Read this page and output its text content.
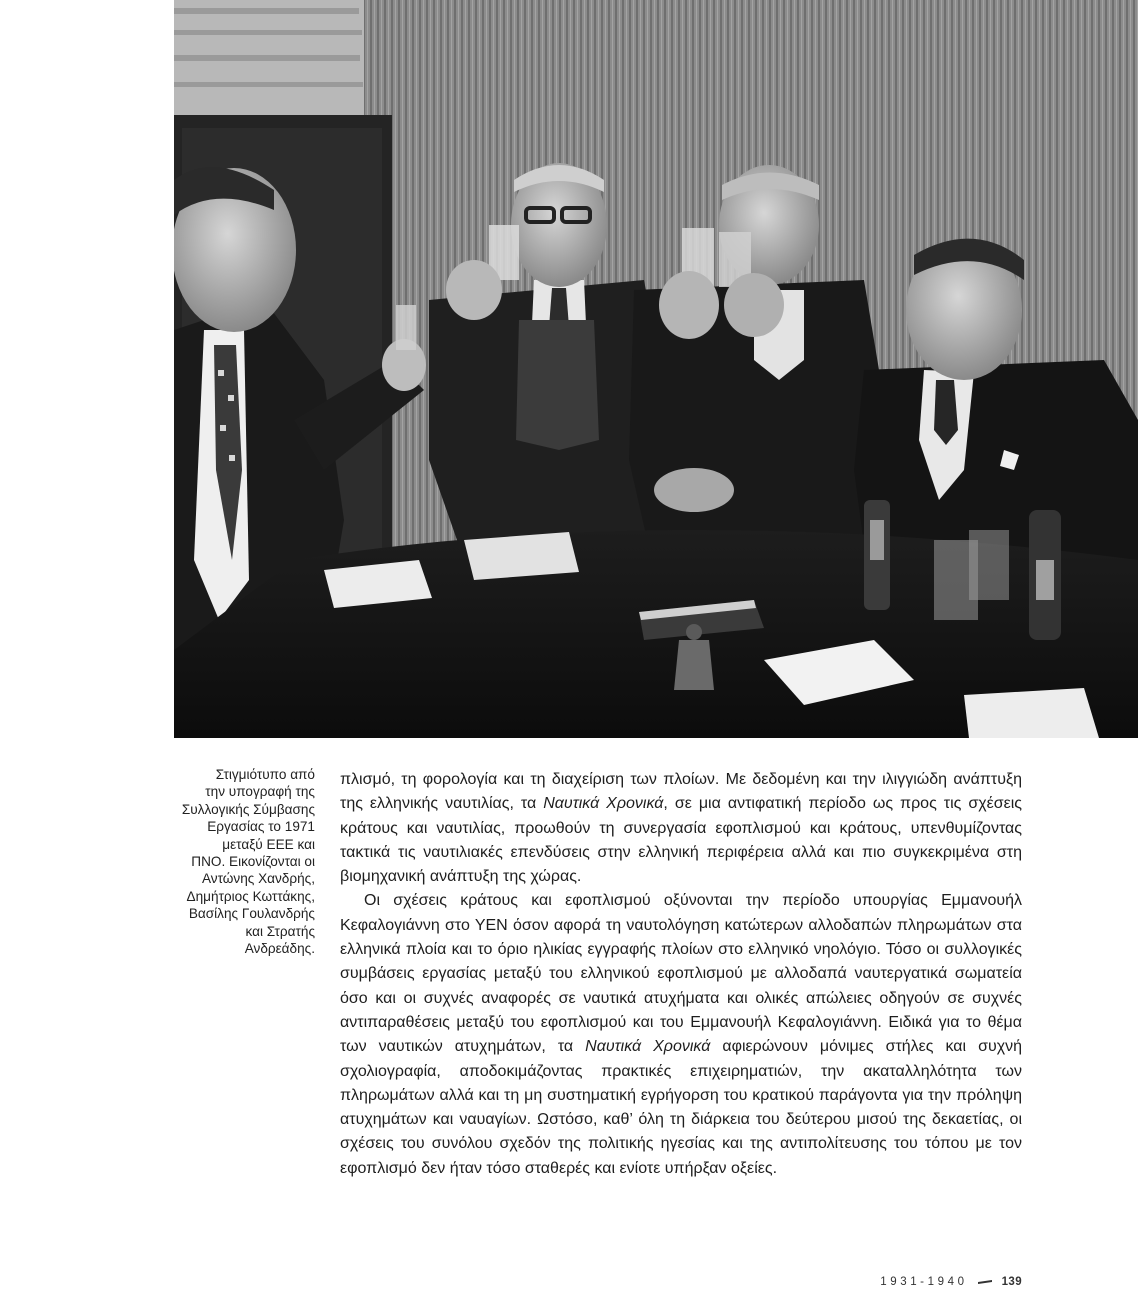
Στιγμιότυπο από
την υπογραφή της
Συλλογικής Σύμβασης
Εργασίας το 1971
μεταξύ ΕΕΕ και
ΠΝΟ. Εικονίζονται οι
Αντώνης Χανδρής,
Δημήτριος Κωττάκης,
Βασίλης Γουλανδρής
και Στρατής
Ανδρεάδης.

πλισμό, τη φορολογία και τη διαχείριση των πλοίων. Με δεδομένη και την ιλιγγιώδη ανάπτυξη της ελληνικής ναυτιλίας, τα Ναυτικά Χρονικά, σε μια αντιφατική περίοδο ως προς τις σχέσεις κράτους και ναυτιλίας, προωθούν τη συνεργασία εφοπλισμού και κράτους, υπενθυμίζοντας τακτικά τις ναυτιλιακές επενδύσεις στην ελληνική περιφέρεια αλλά και πιο συγκεκριμένα στη βιομηχανική ανάπτυξη της χώρας.

Οι σχέσεις κράτους και εφοπλισμού οξύνονται την περίοδο υπουργίας Εμμανουήλ Κεφαλογιάννη στο ΥΕΝ όσον αφορά τη ναυτολόγηση κατώτερων αλλοδαπών πληρωμάτων στα ελληνικά πλοία και το όριο ηλικίας εγγραφής πλοίων στο ελληνικό νηολόγιο. Τόσο οι συλλογικές συμβάσεις εργασίας μεταξύ του ελληνικού εφοπλισμού με αλλοδαπά ναυτεργατικά σωματεία όσο και οι συχνές αναφορές σε ναυτικά ατυχήματα και ολικές απώλειες οδηγούν σε συχνές αντιπαραθέσεις μεταξύ του εφοπλισμού και του Εμμανουήλ Κεφαλογιάννη. Ειδικά για το θέμα των ναυτικών ατυχημάτων, τα Ναυτικά Χρονικά αφιερώνουν μόνιμες στήλες και συχνή σχολιογραφία, αποδοκιμάζοντας πρακτικές επιχειρηματιών, την ακαταλληλότητα των πληρωμάτων αλλά και τη μη συστηματική εγρήγορση του κρατικού παράγοντα για την πρόληψη ατυχημάτων και ναυαγίων. Ωστόσο, καθ’ όλη τη διάρκεια του δεύτερου μισού της δεκαετίας, οι σχέσεις του συνόλου σχεδόν της πολιτικής ηγεσίας και της αντιπολίτευσης του τόπου με τον εφοπλισμό δεν ήταν τόσο σταθερές και ενίοτε υπήρξαν οξείες.

1931-1940	139
